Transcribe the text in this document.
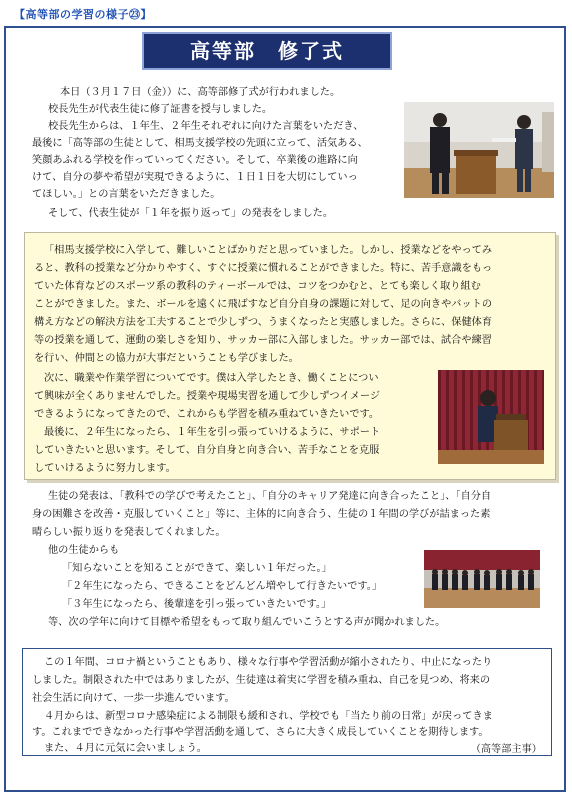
【高等部の学習の様子㉓】
高等部　修了式

本日（３月１７日（金））に、高等部修了式が行われました。

校長先生が代表生徒に修了証書を授与しました。

校長先生からは、１年生、２年生それぞれに向けた言葉をいただき、

最後に「高等部の生徒として、相馬支援学校の先頭に立って、活気ある、

笑顔あふれる学校を作っていってください。そして、卒業後の進路に向

けて、自分の夢や希望が実現できるように、１日１日を大切にしていっ

てほしい。」との言葉をいただきました。

そして、代表生徒が「１年を振り返って」の発表をしました。

「相馬支援学校に入学して、難しいことばかりだと思っていました。しかし、授業などをやってみ

ると、教科の授業など分かりやすく、すぐに授業に慣れることができました。特に、苦手意識をもっ

ていた体育などのスポーツ系の教科のティーボールでは、コツをつかむと、とても楽しく取り組む

ことができました。また、ボールを遠くに飛ばすなど自分自身の課題に対して、足の向きやバットの

構え方などの解決方法を工夫することで少しずつ、うまくなったと実感しました。さらに、保健体育

等の授業を通して、運動の楽しさを知り、サッカー部に入部しました。サッカー部では、試合や練習

を行い、仲間との協力が大事だということも学びました。

次に、職業や作業学習についてです。僕は入学したとき、働くことについ

て興味が全くありませんでした。授業や現場実習を通して少しずつイメージ

できるようになってきたので、これからも学習を積み重ねていきたいです。

最後に、２年生になったら、１年生を引っ張っていけるように、サポート

していきたいと思います。そして、自分自身と向き合い、苦手なことを克服

していけるように努力します。

生徒の発表は、「教科での学びで考えたこと」、「自分のキャリア発達に向き合ったこと」、「自分自

身の困難さを改善・克服していくこと」等に、主体的に向き合う、生徒の１年間の学びが詰まった素

晴らしい振り返りを発表してくれました。

他の生徒からも

「知らないことを知ることができて、楽しい１年だった。」

「２年生になったら、できることをどんどん増やして行きたいです。」

「３年生になったら、後輩達を引っ張っていきたいです。」

等、次の学年に向けて目標や希望をもって取り組んでいこうとする声が聞かれました。

この１年間、コロナ禍ということもあり、様々な行事や学習活動が縮小されたり、中止になったり

しました。制限された中ではありましたが、生徒達は着実に学習を積み重ね、自己を見つめ、将来の

社会生活に向けて、一歩一歩進んでいます。

４月からは、新型コロナ感染症による制限も緩和され、学校でも「当たり前の日常」が戻ってきま

す。これまでできなかった行事や学習活動を通して、さらに大きく成長していくことを期待します。

また、４月に元気に会いましょう。	（高等部主事）
